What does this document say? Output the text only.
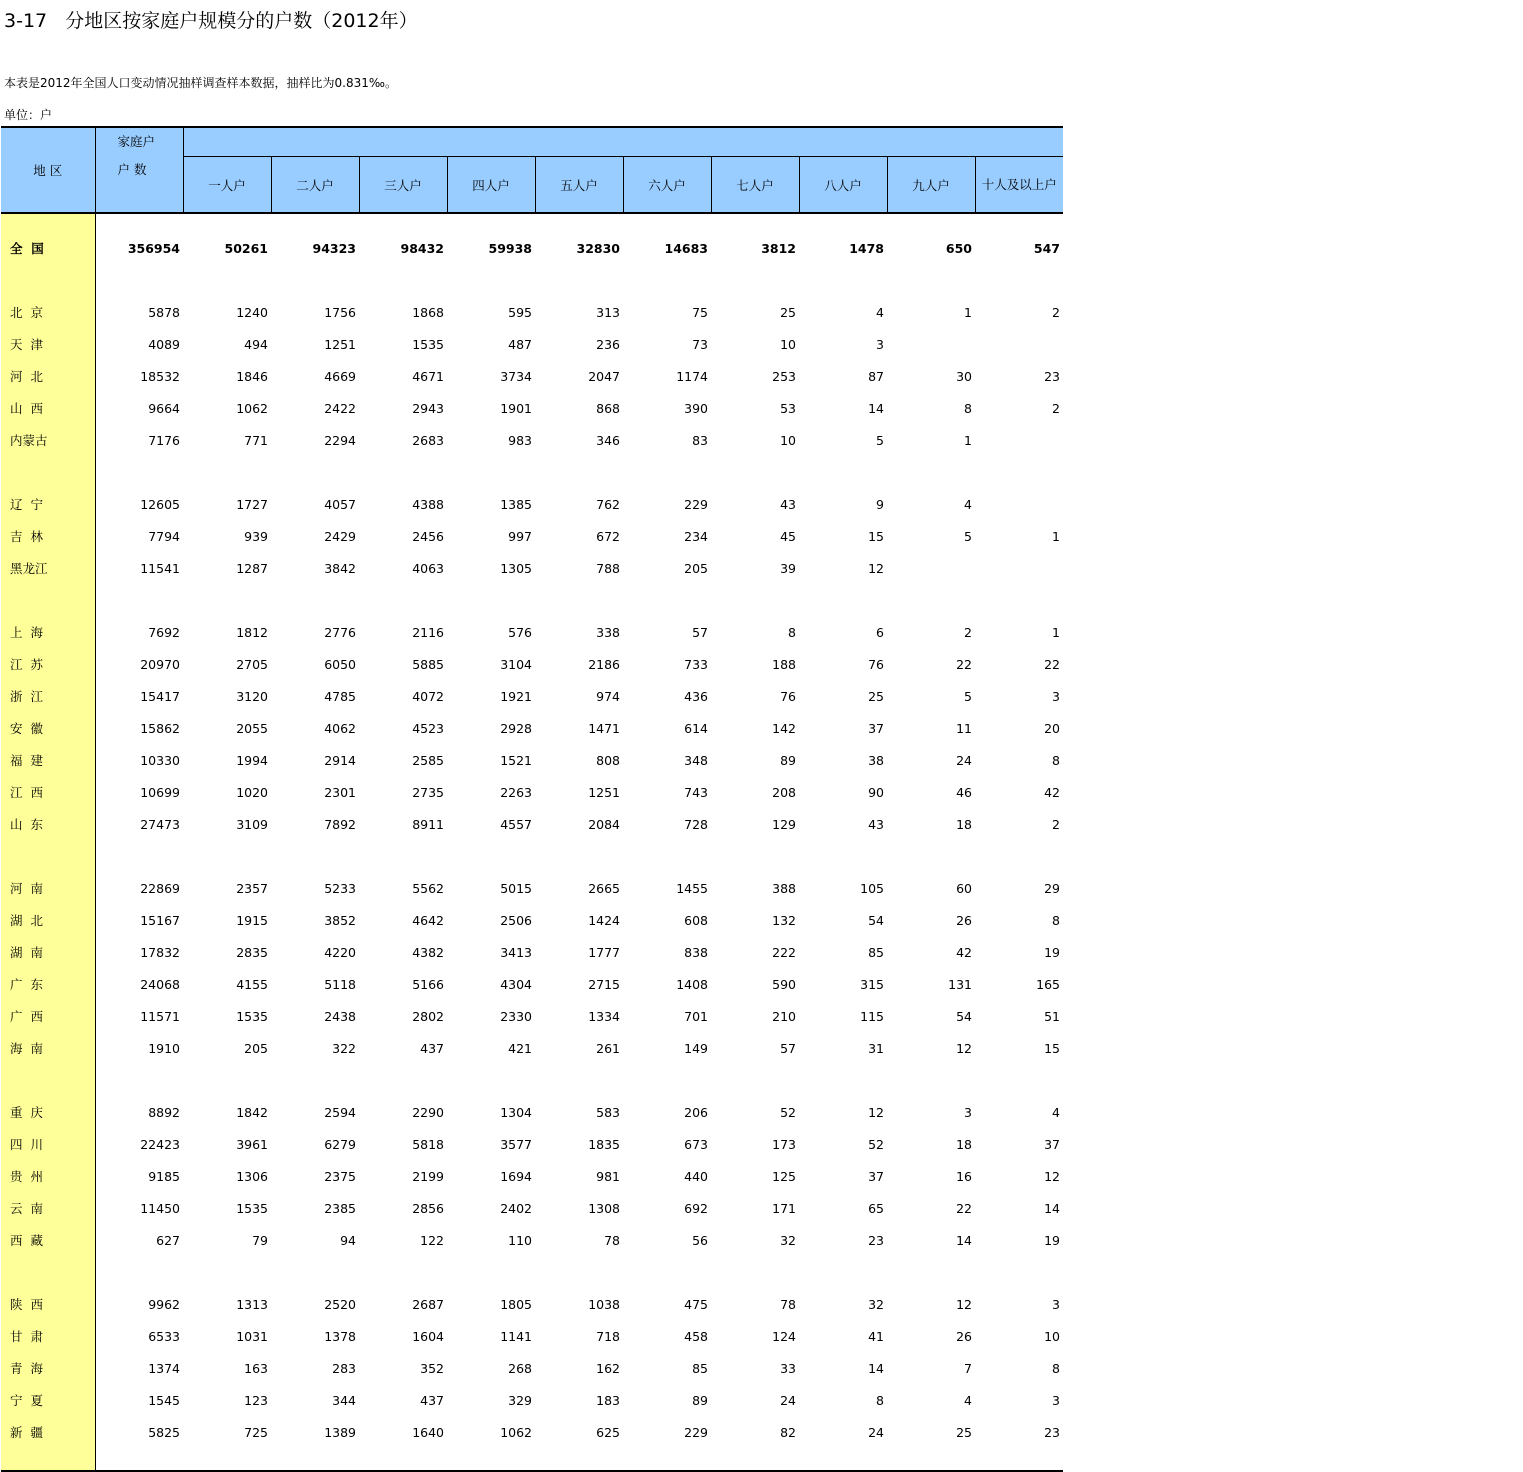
3-17   分地区按家庭户规模分的户数（2012年）
本表是2012年全国人口变动情况抽样调查样本数据，抽样比为0.831‰。
单位：户
地 区	家庭户
户 数										

		一人户	二人户	三人户	四人户	五人户	六人户	七人户	八人户	九人户	十人及以上户

全  国	356954	50261	94323	98432	59938	32830	14683	3812	1478	650	547

北  京	5878	1240	1756	1868	595	313	75	25	4	1	2
天  津	4089	494	1251	1535	487	236	73	10	3		
河  北	18532	1846	4669	4671	3734	2047	1174	253	87	30	23
山  西	9664	1062	2422	2943	1901	868	390	53	14	8	2
内蒙古	7176	771	2294	2683	983	346	83	10	5	1	

辽  宁	12605	1727	4057	4388	1385	762	229	43	9	4	
吉  林	7794	939	2429	2456	997	672	234	45	15	5	1
黑龙江	11541	1287	3842	4063	1305	788	205	39	12		

上  海	7692	1812	2776	2116	576	338	57	8	6	2	1
江  苏	20970	2705	6050	5885	3104	2186	733	188	76	22	22
浙  江	15417	3120	4785	4072	1921	974	436	76	25	5	3
安  徽	15862	2055	4062	4523	2928	1471	614	142	37	11	20
福  建	10330	1994	2914	2585	1521	808	348	89	38	24	8
江  西	10699	1020	2301	2735	2263	1251	743	208	90	46	42
山  东	27473	3109	7892	8911	4557	2084	728	129	43	18	2

河  南	22869	2357	5233	5562	5015	2665	1455	388	105	60	29
湖  北	15167	1915	3852	4642	2506	1424	608	132	54	26	8
湖  南	17832	2835	4220	4382	3413	1777	838	222	85	42	19
广  东	24068	4155	5118	5166	4304	2715	1408	590	315	131	165
广  西	11571	1535	2438	2802	2330	1334	701	210	115	54	51
海  南	1910	205	322	437	421	261	149	57	31	12	15

重  庆	8892	1842	2594	2290	1304	583	206	52	12	3	4
四  川	22423	3961	6279	5818	3577	1835	673	173	52	18	37
贵  州	9185	1306	2375	2199	1694	981	440	125	37	16	12
云  南	11450	1535	2385	2856	2402	1308	692	171	65	22	14
西  藏	627	79	94	122	110	78	56	32	23	14	19

陕  西	9962	1313	2520	2687	1805	1038	475	78	32	12	3
甘  肃	6533	1031	1378	1604	1141	718	458	124	41	26	10
青  海	1374	163	283	352	268	162	85	33	14	7	8
宁  夏	1545	123	344	437	329	183	89	24	8	4	3
新  疆	5825	725	1389	1640	1062	625	229	82	24	25	23
